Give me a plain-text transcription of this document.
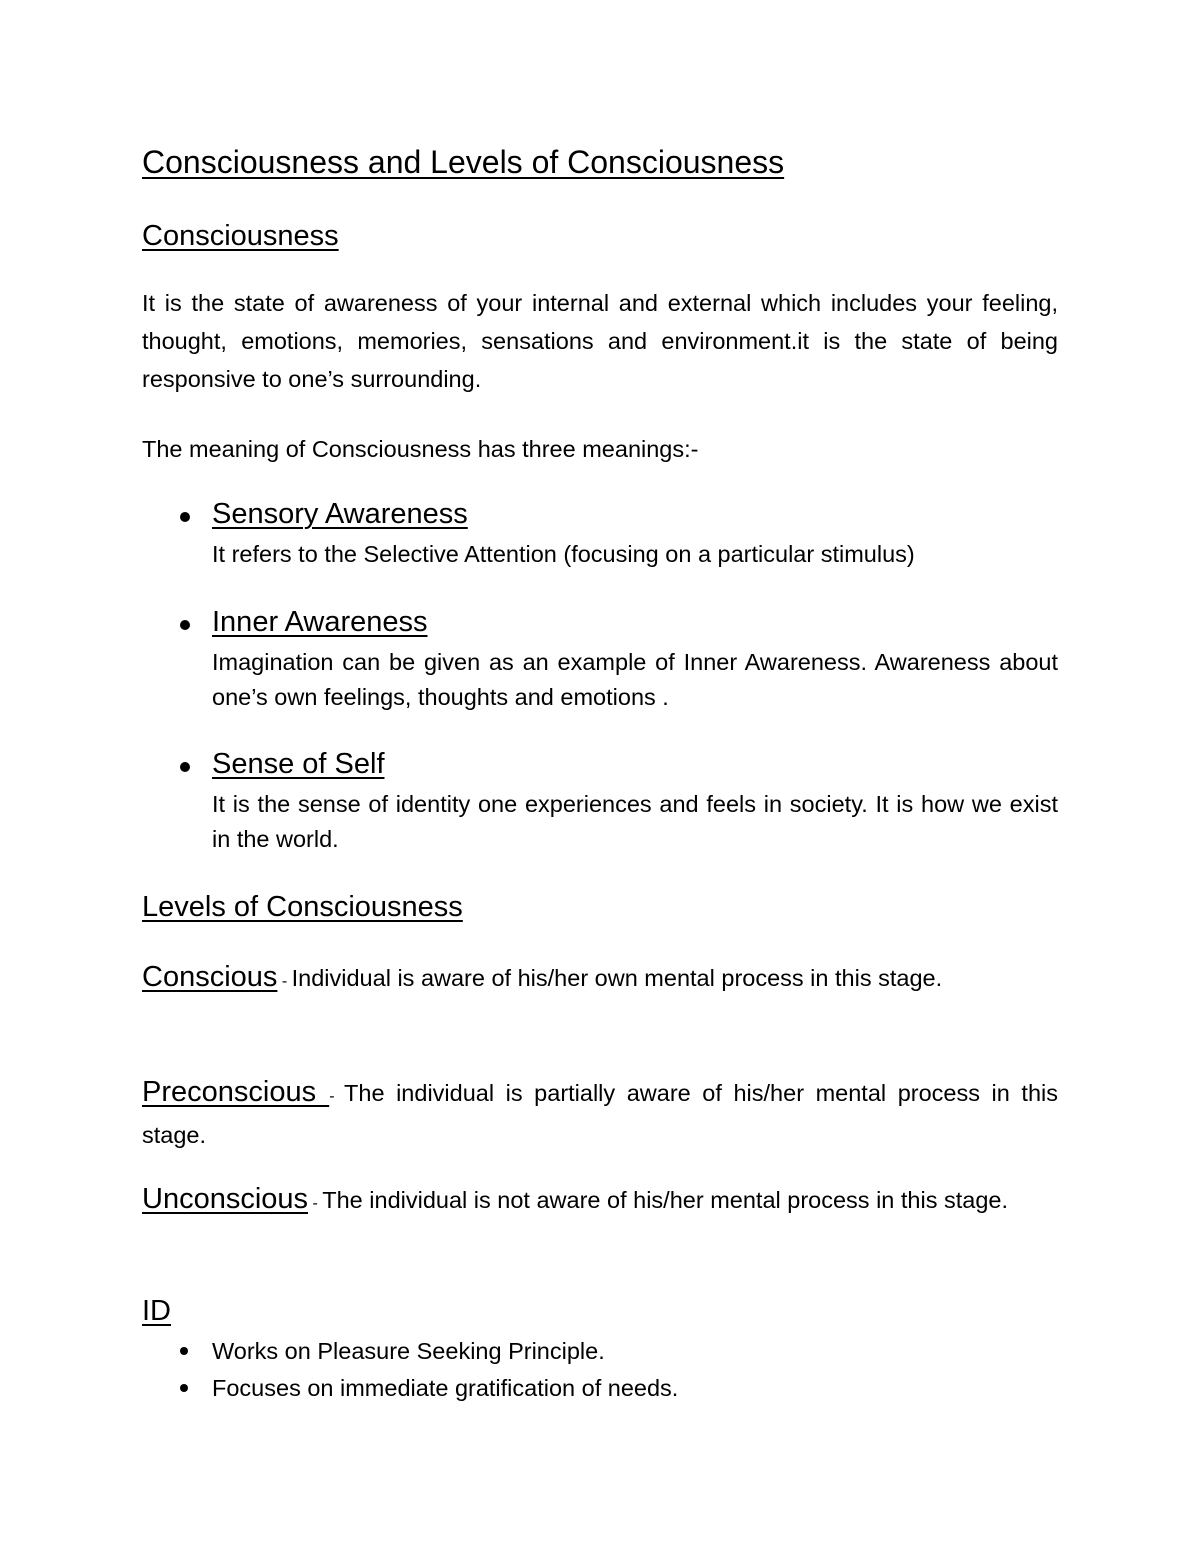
Consciousness and Levels of Consciousness
Consciousness

It is the state of awareness of your internal and external which includes your feeling, thought, emotions, memories, sensations and environment.it is the state of being responsive to one’s surrounding.

The meaning of Consciousness has three meanings:-

Sensory Awareness
It refers to the Selective Attention (focusing on a particular stimulus)
Inner Awareness
Imagination can be given as an example of Inner Awareness. Awareness about one’s own feelings, thoughts and emotions .
Sense of Self
It is the sense of identity one experiences and feels in society. It is how we exist in the world.
Levels of Consciousness

Conscious - Individual is aware of his/her own mental process in this stage.

Preconscious - The individual is partially aware of his/her mental process in this stage.

Unconscious - The individual is not aware of his/her mental process in this stage.

ID
Works on Pleasure Seeking Principle.
Focuses on immediate gratification of needs.
